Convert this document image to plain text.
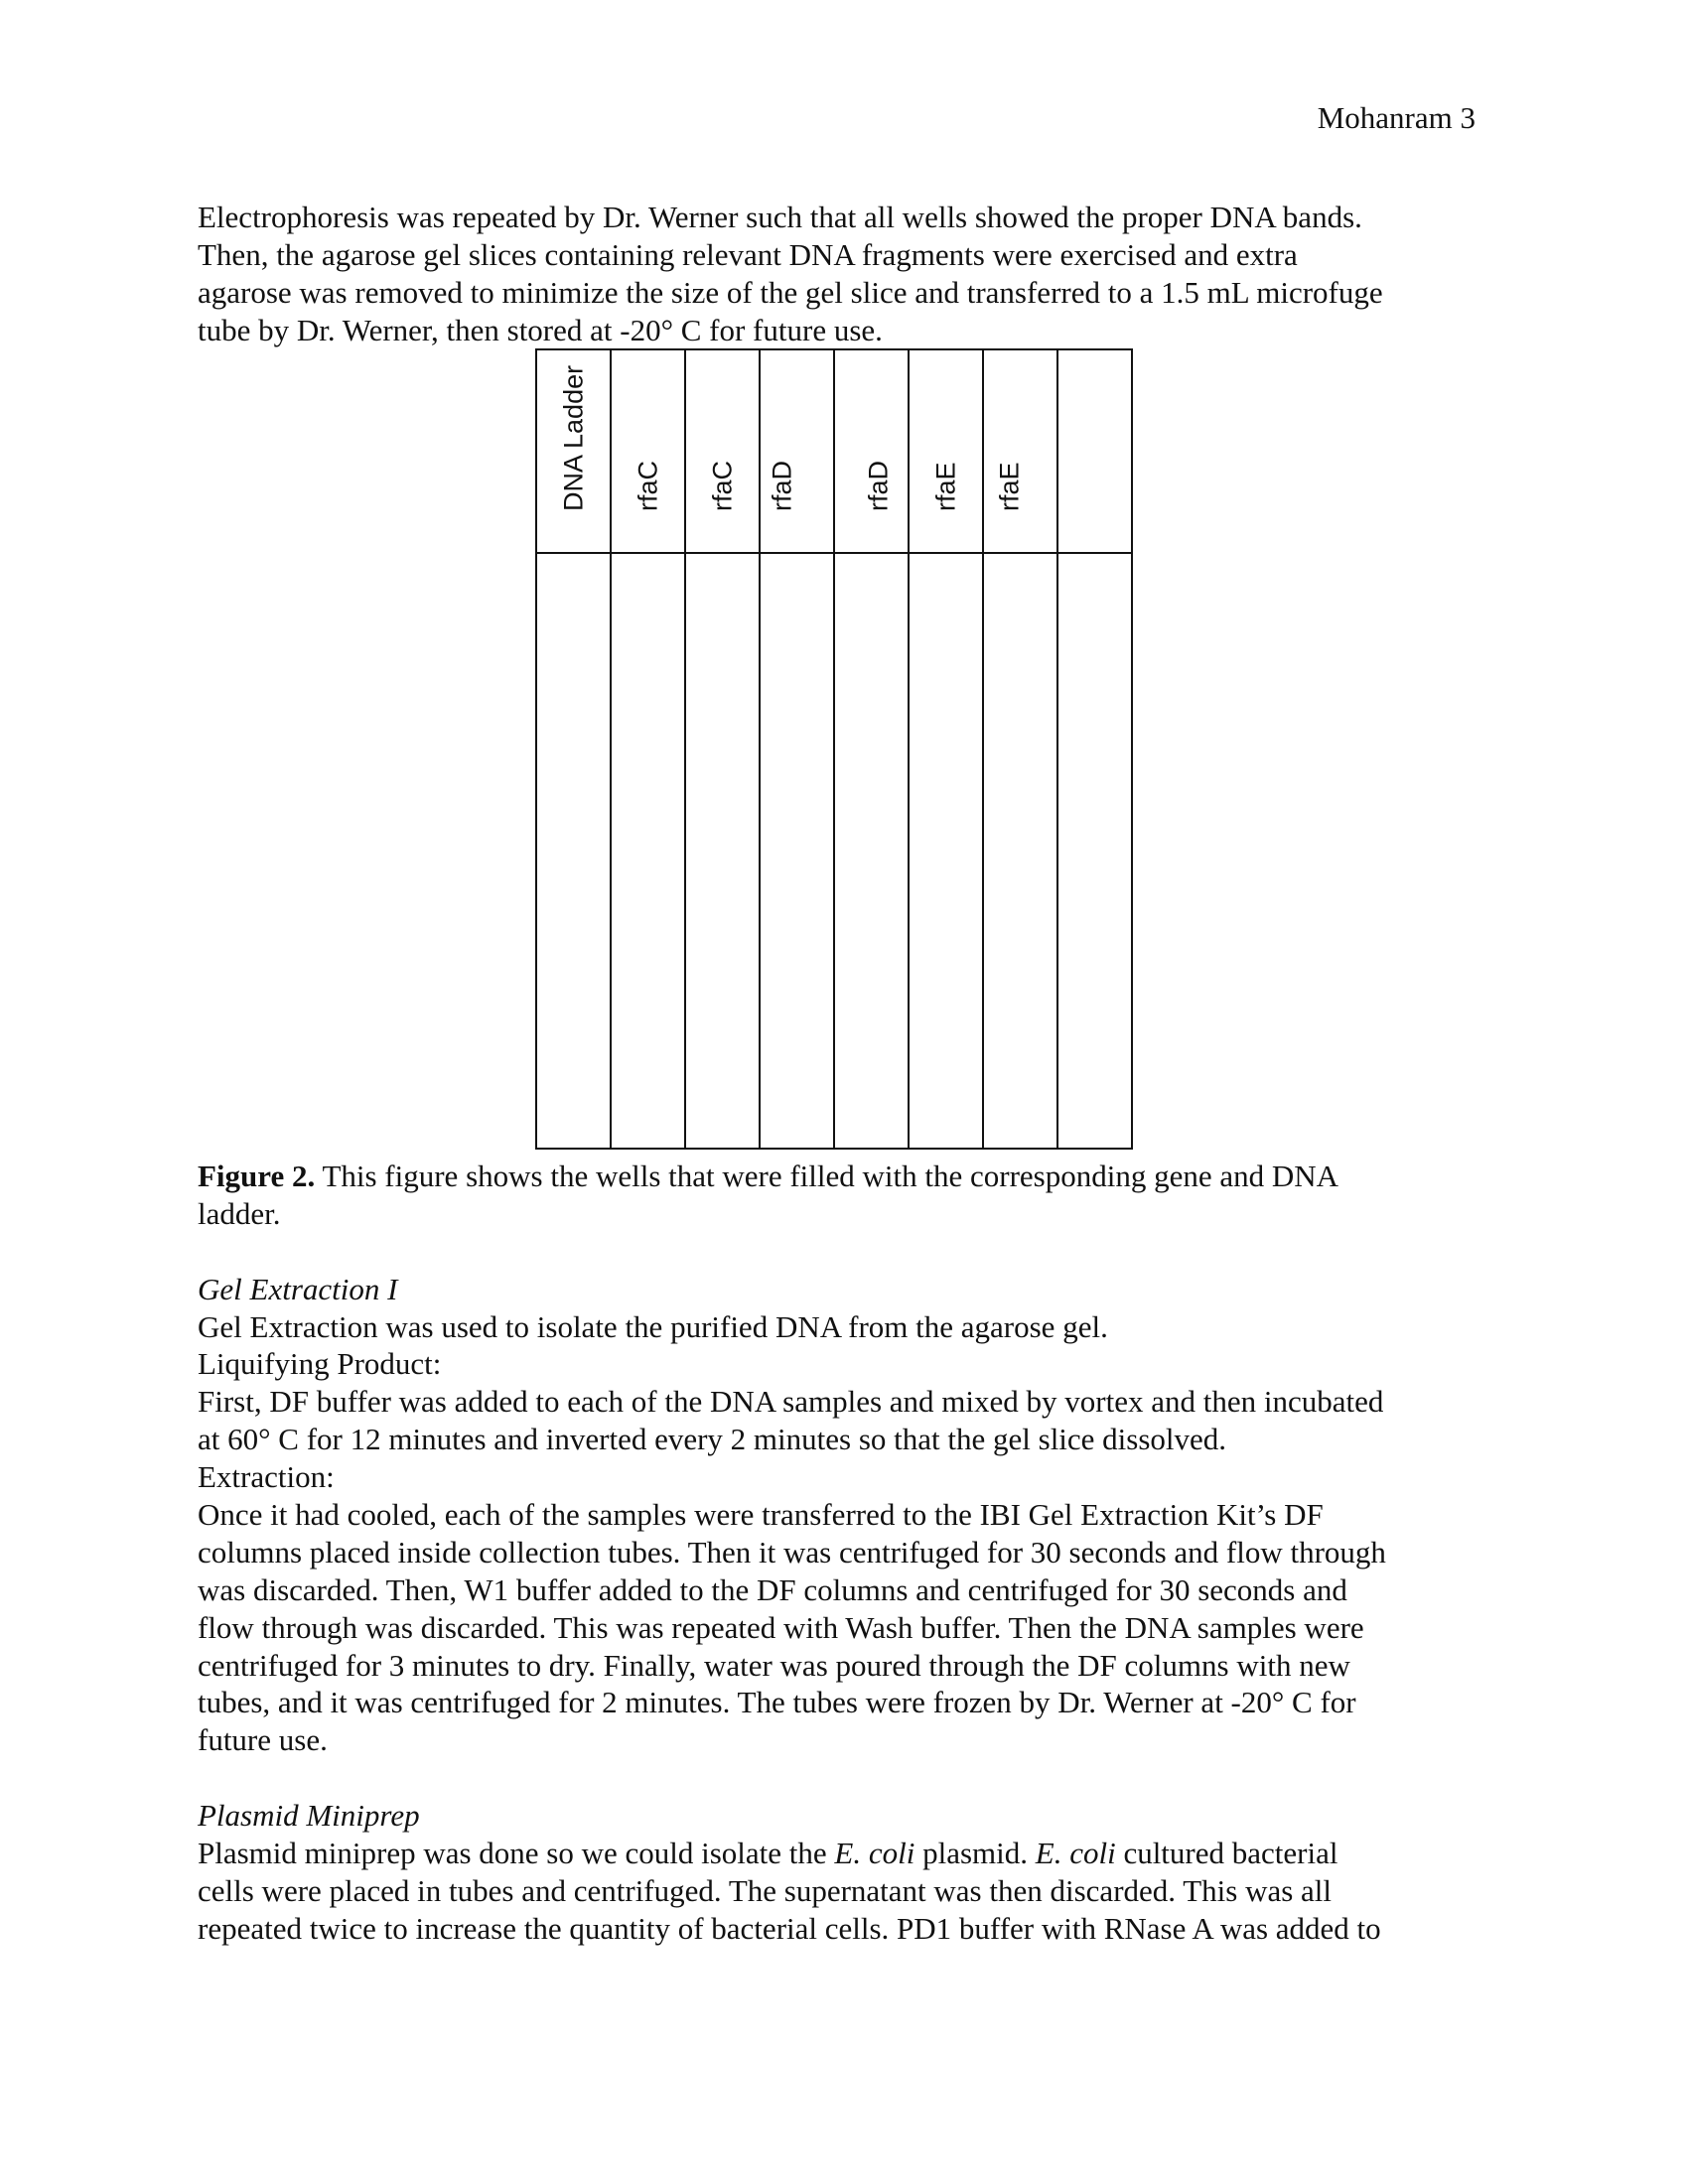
Mohanram 3
Electrophoresis was repeated by Dr. Werner such that all wells showed the proper DNA bands.
Then, the agarose gel slices containing relevant DNA fragments were exercised and extra
agarose was removed to minimize the size of the gel slice and transferred to a 1.5 mL microfuge
tube by Dr. Werner, then stored at -20° C for future use.
DNA Ladder	rfaC	rfaC	rfaD	rfaD	rfaE	rfaE	

Figure 2. This figure shows the wells that were filled with the corresponding gene and DNA
ladder.
Gel Extraction I
Gel Extraction was used to isolate the purified DNA from the agarose gel.
Liquifying Product:
First, DF buffer was added to each of the DNA samples and mixed by vortex and then incubated
at 60° C for 12 minutes and inverted every 2 minutes so that the gel slice dissolved.
Extraction:
Once it had cooled, each of the samples were transferred to the IBI Gel Extraction Kit’s DF
columns placed inside collection tubes. Then it was centrifuged for 30 seconds and flow through
was discarded. Then, W1 buffer added to the DF columns and centrifuged for 30 seconds and
flow through was discarded. This was repeated with Wash buffer. Then the DNA samples were
centrifuged for 3 minutes to dry. Finally, water was poured through the DF columns with new
tubes, and it was centrifuged for 2 minutes. The tubes were frozen by Dr. Werner at -20° C for
future use.
Plasmid Miniprep
Plasmid miniprep was done so we could isolate the E. coli plasmid. E. coli cultured bacterial
cells were placed in tubes and centrifuged. The supernatant was then discarded. This was all
repeated twice to increase the quantity of bacterial cells. PD1 buffer with RNase A was added to
